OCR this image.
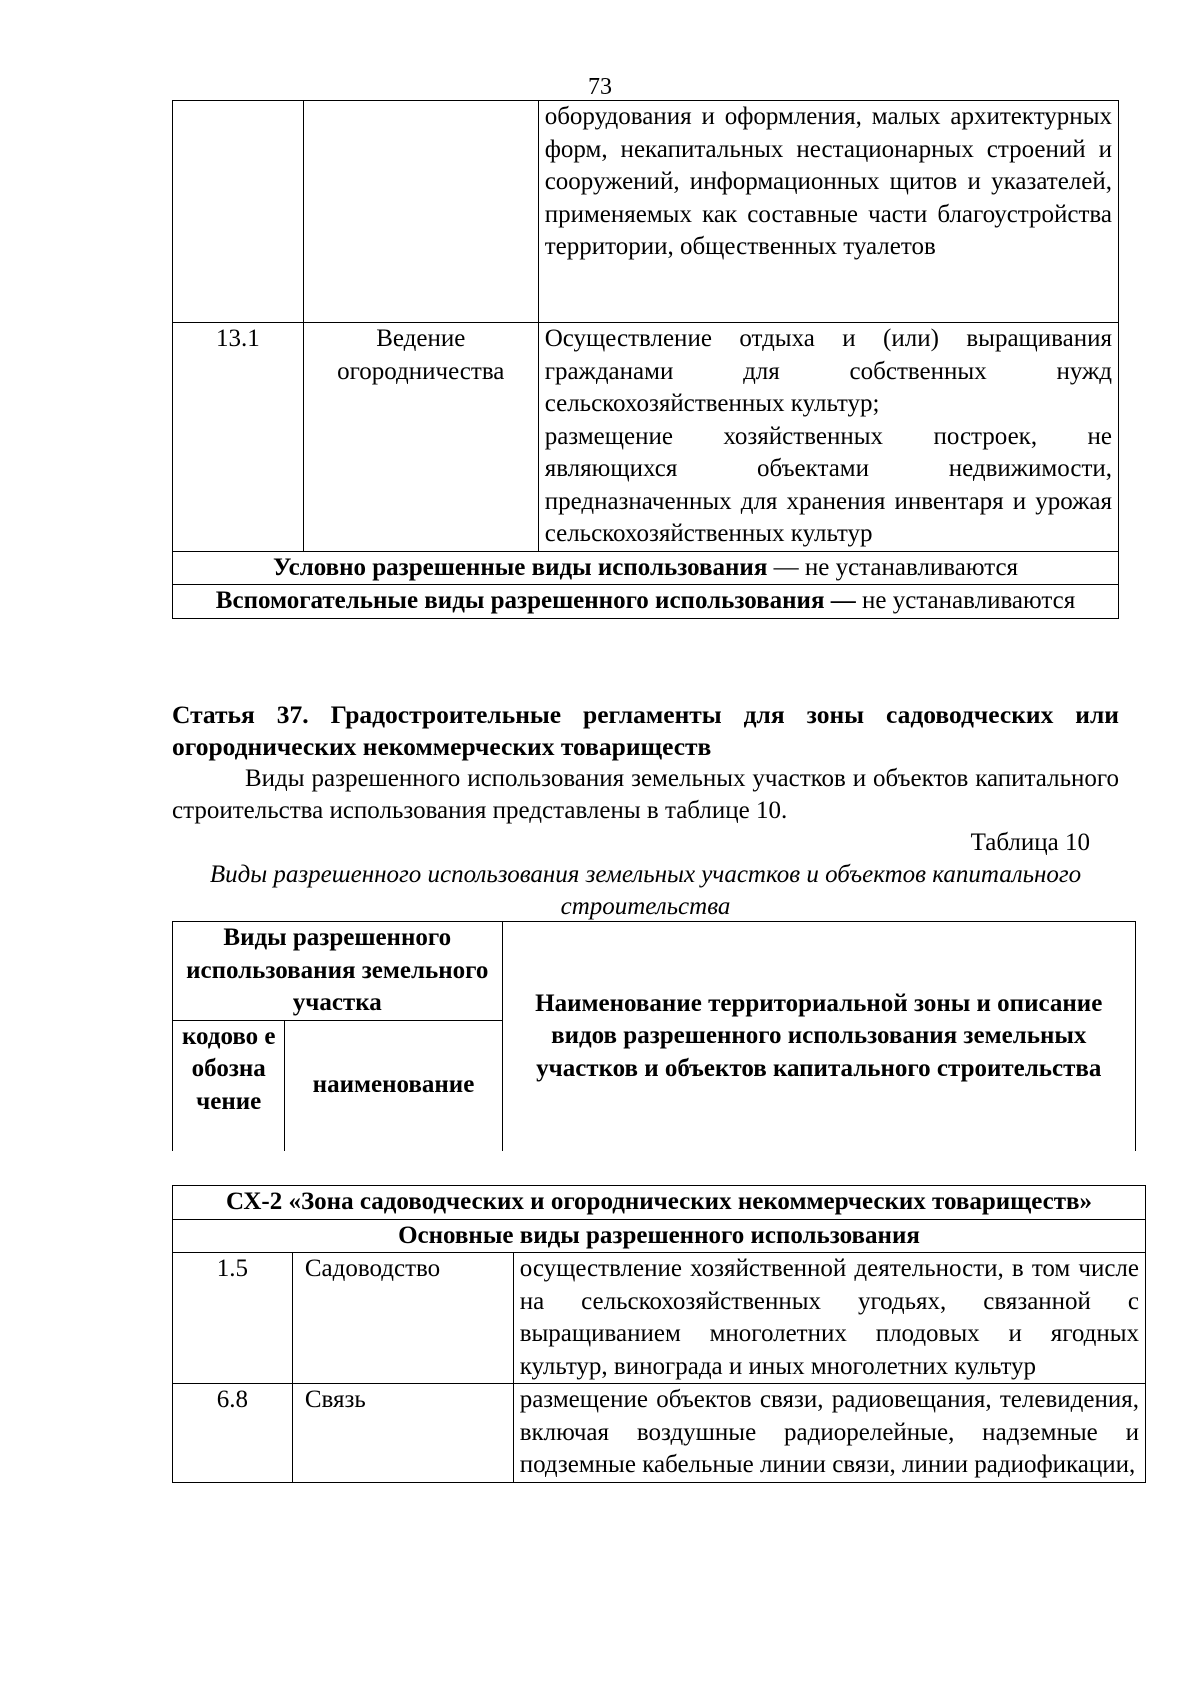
73

		оборудования и оформления, малых архитектурных форм, некапитальных нестационарных строений и сооружений, информационных щитов и указателей, применяемых как составные части благоустройства территории, общественных туалетов

13.1	Ведение огородничества	Осуществление отдыха и (или) выращивания гражданами для собственных нужд сельскохозяйственных культур;

размещение хозяйственных построек, не являющихся объектами недвижимости, предназначенных для хранения инвентаря и урожая сельскохозяйственных культур

Условно разрешенные виды использования — не устанавливаются		
Вспомогательные виды разрешенного использования — не устанавливаются		
Статья 37. Градостроительные регламенты для зоны садоводческих или огороднических некоммерческих товариществ

Виды разрешенного использования земельных участков и объектов капитального строительства использования представлены в таблице 10.

Таблица 10
Виды разрешенного использования земельных участков и объектов капитального строительства
Виды разрешенного использования земельного участка		Наименование территориальной зоны и описание видов разрешенного использования земельных участков и объектов капитального строительства
кодово е обозна чение	наименование	
СХ-2 «Зона садоводческих и огороднических некоммерческих товариществ»		
Основные виды разрешенного использования		
1.5	Садоводство	осуществление хозяйственной деятельности, в том числе на сельскохозяйственных угодьях, связанной с выращиванием многолетних плодовых и ягодных культур, винограда и иных многолетних культур
6.8	Связь	размещение объектов связи, радиовещания, телевидения, включая воздушные радиорелейные, надземные и подземные кабельные линии связи, линии радиофикации,
